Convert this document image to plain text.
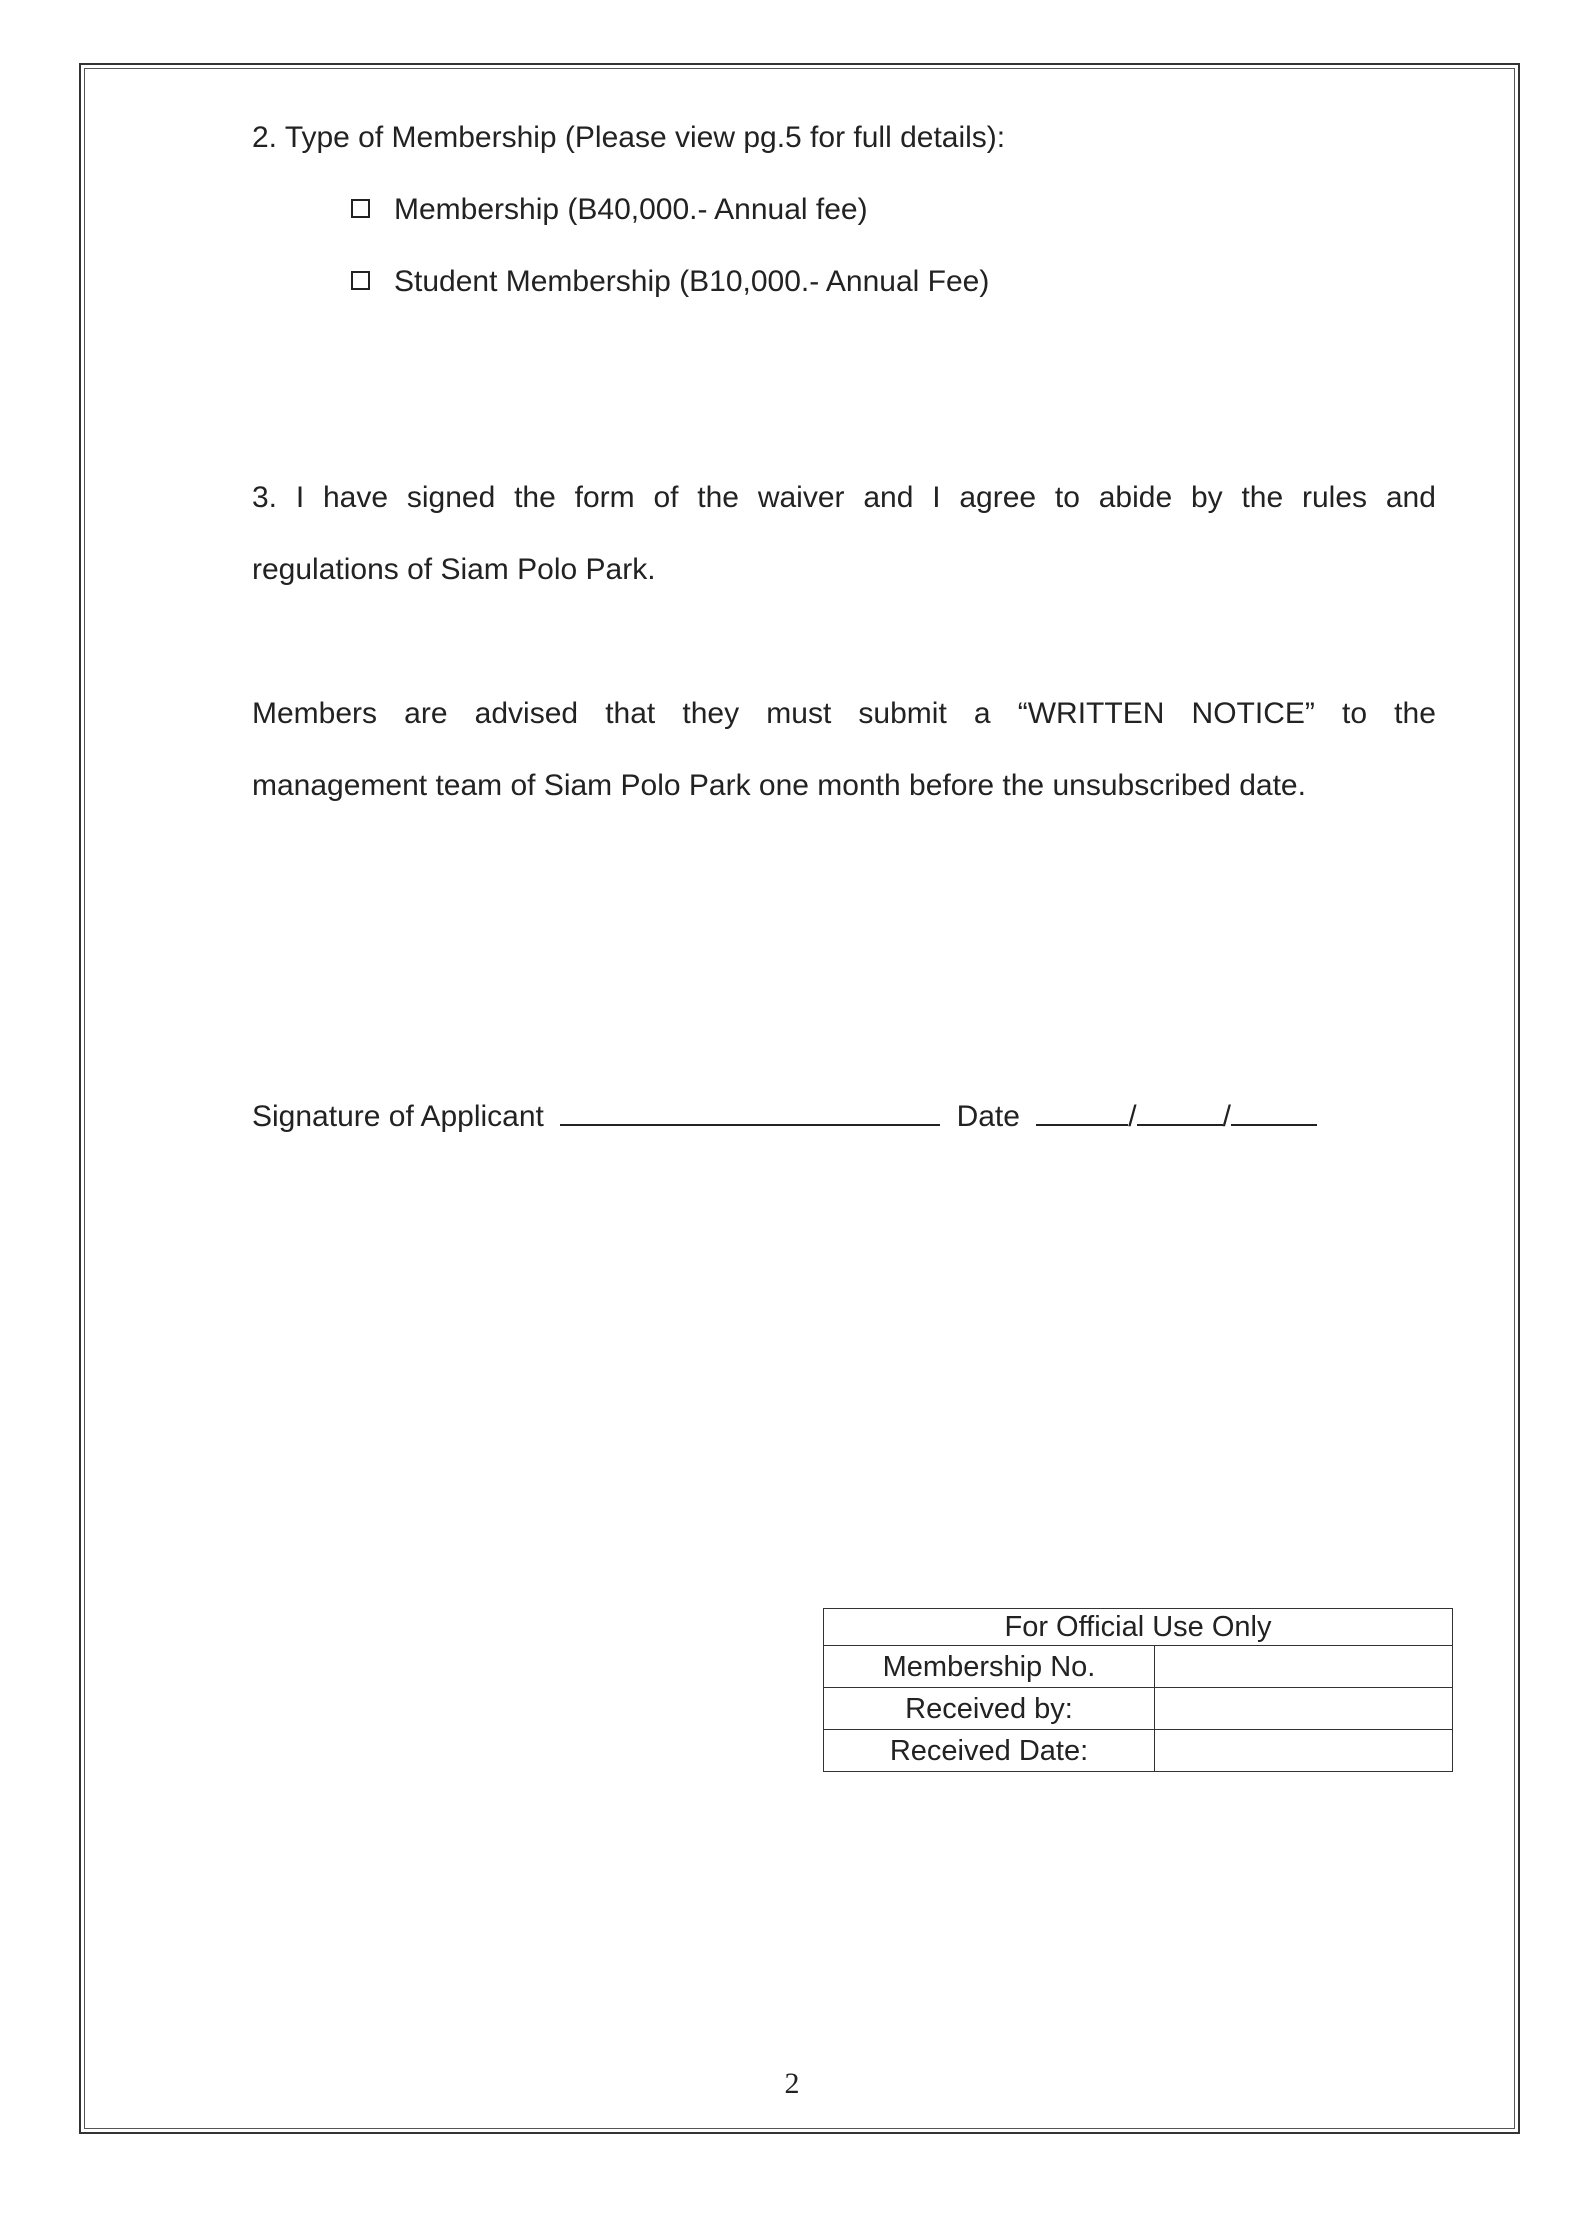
2. Type of Membership (Please view pg.5 for full details):
Membership (B40,000.- Annual fee)
Student Membership (B10,000.- Annual Fee)
3. I have signed the form of the waiver and I agree to abide by the rules and
regulations of Siam Polo Park.
Members are advised that they must submit a “WRITTEN NOTICE” to the
management team of Siam Polo Park one month before the unsubscribed date.
Signature of Applicant	Date	/	/
For Official Use Only	
Membership No.	
Received by:	
Received Date:	
2
